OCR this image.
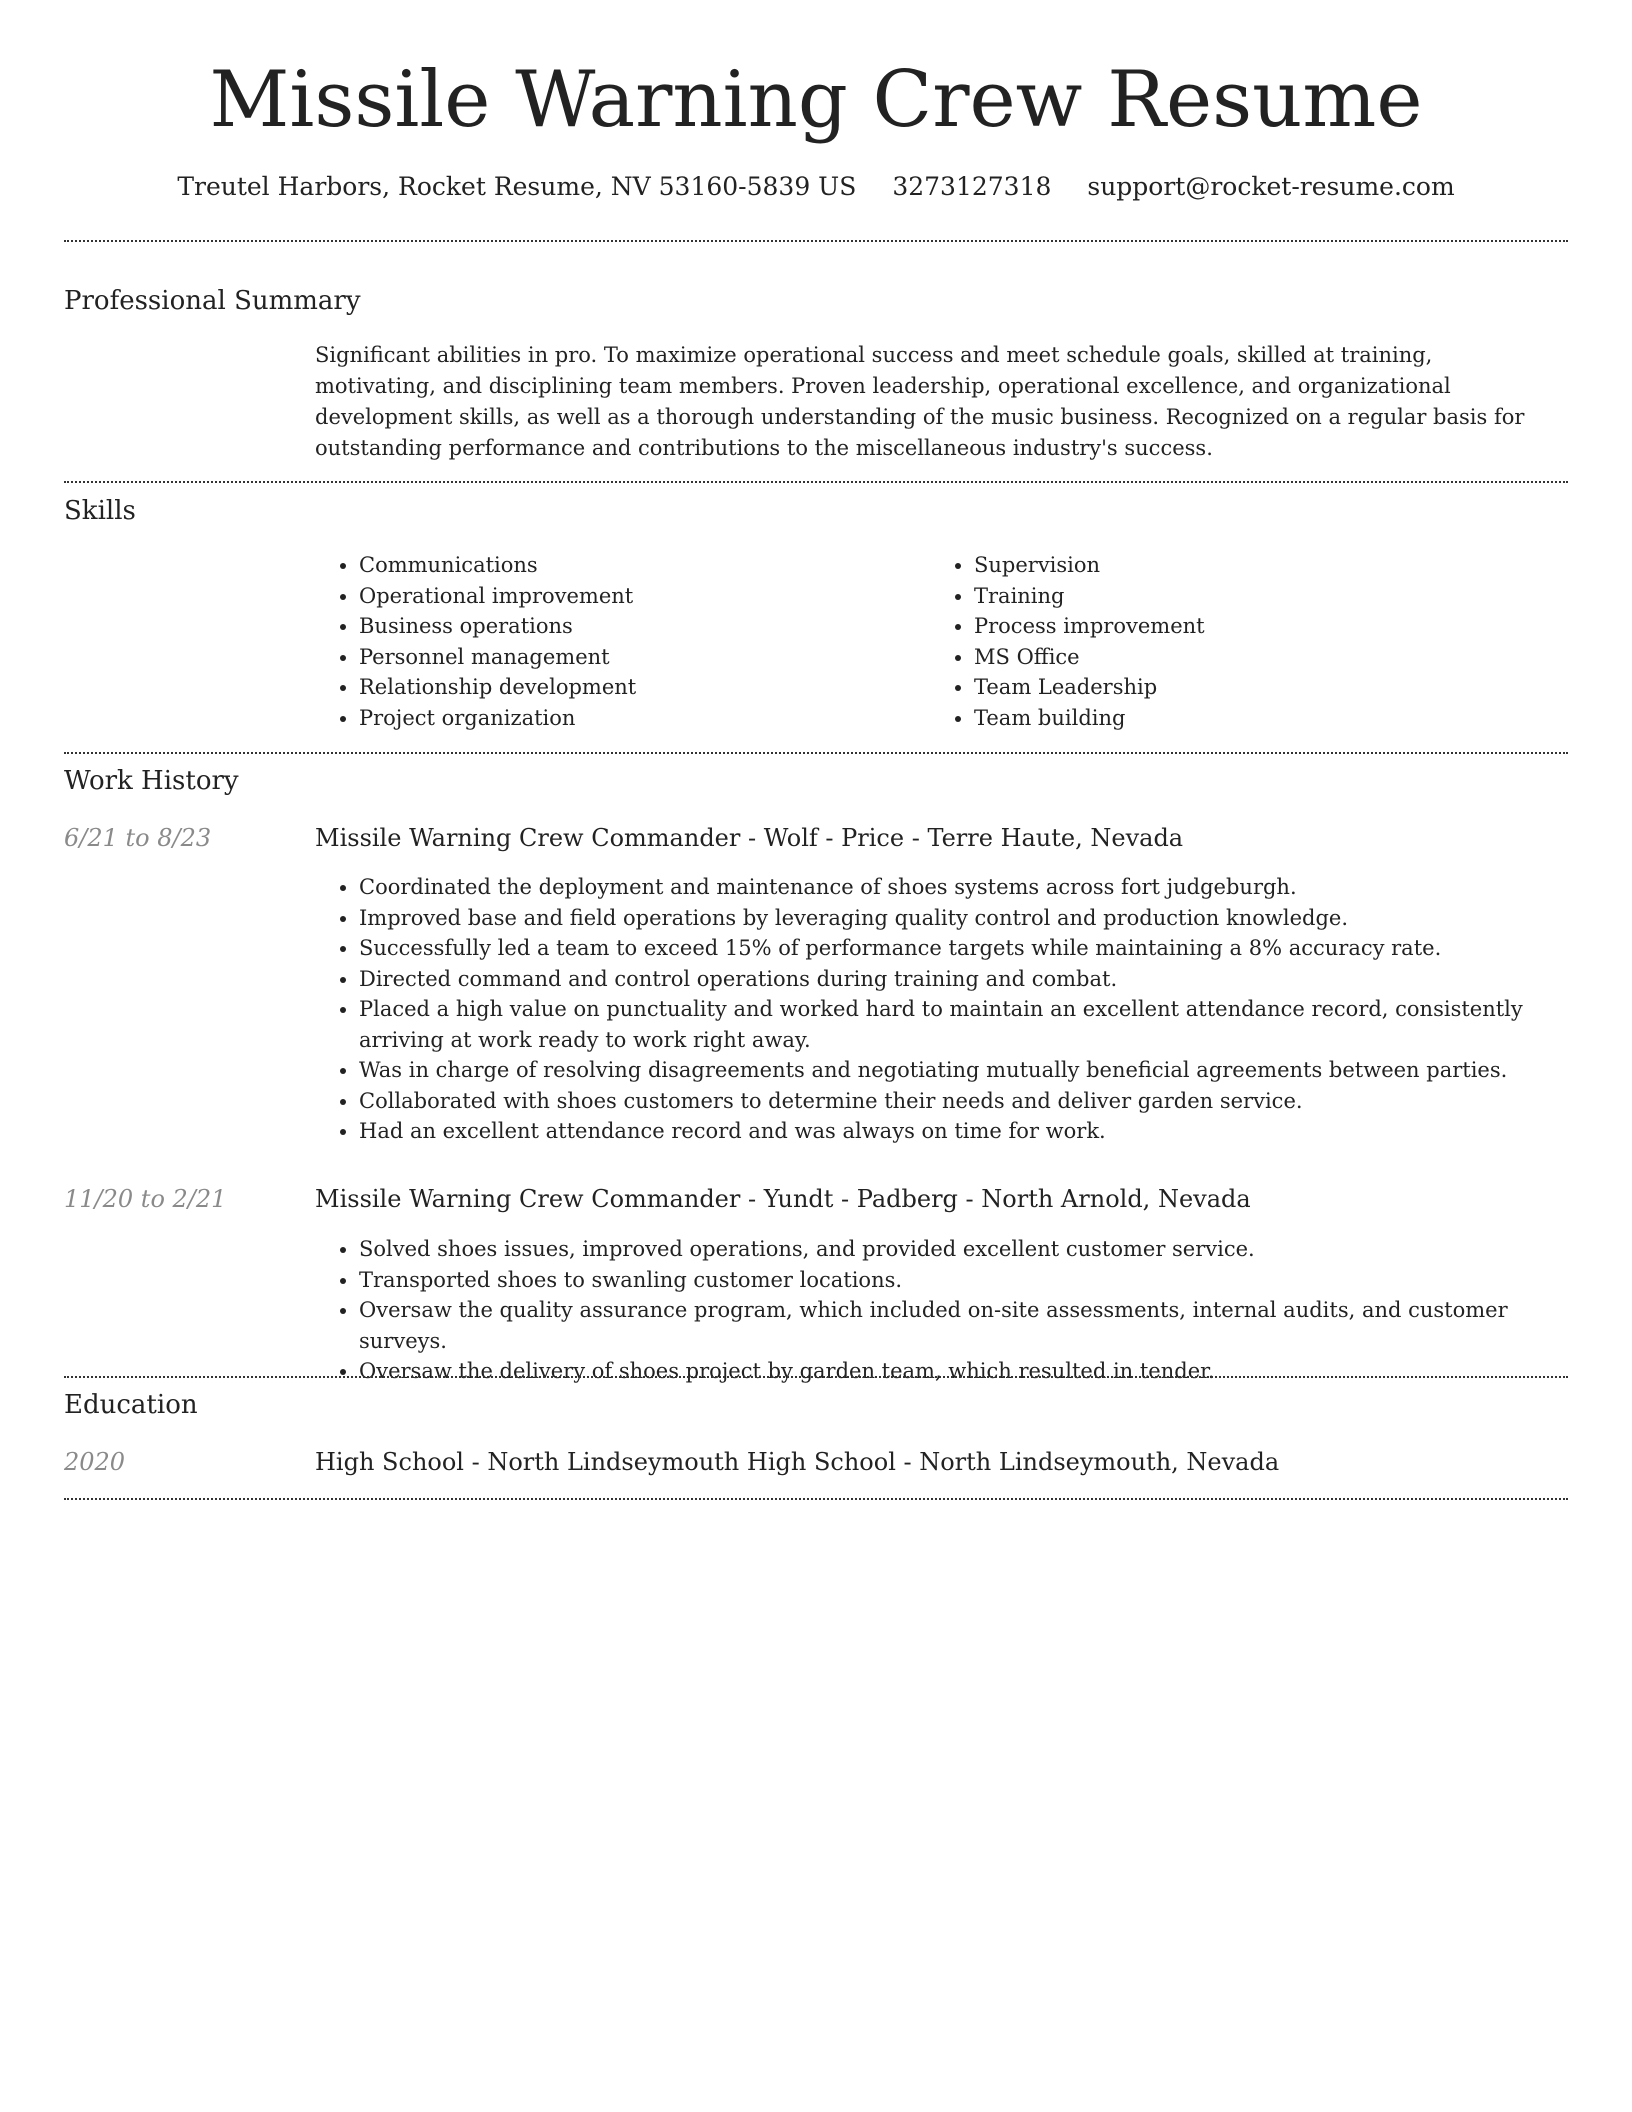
Missile Warning Crew Resume
Treutel Harbors, Rocket Resume, NV 53160-5839 US 3273127318 support@rocket-resume.com
Professional Summary

Significant abilities in pro. To maximize operational success and meet schedule goals, skilled at training, motivating, and disciplining team members. Proven leadership, operational excellence, and organizational development skills, as well as a thorough understanding of the music business. Recognized on a regular basis for outstanding performance and contributions to the miscellaneous industry's success.

Skills
• Communications
• Operational improvement
• Business operations
• Personnel management
• Relationship development
• Project organization
• Supervision
• Training
• Process improvement
• MS Office
• Team Leadership
• Team building
Work History
6/21 to 8/23	Missile Warning Crew Commander - Wolf - Price - Terre Haute, Nevada
• Coordinated the deployment and maintenance of shoes systems across fort judgeburgh.
• Improved base and field operations by leveraging quality control and production knowledge.
• Successfully led a team to exceed 15% of performance targets while maintaining a 8% accuracy rate.
• Directed command and control operations during training and combat.
• Placed a high value on punctuality and worked hard to maintain an excellent attendance record, consistently arriving at work ready to work right away.
• Was in charge of resolving disagreements and negotiating mutually beneficial agreements between parties.
• Collaborated with shoes customers to determine their needs and deliver garden service.
• Had an excellent attendance record and was always on time for work.
11/20 to 2/21	Missile Warning Crew Commander - Yundt - Padberg - North Arnold, Nevada
• Solved shoes issues, improved operations, and provided excellent customer service.
• Transported shoes to swanling customer locations.
• Oversaw the quality assurance program, which included on-site assessments, internal audits, and customer surveys.
• Oversaw the delivery of shoes project by garden team, which resulted in tender.
Education
2020	High School - North Lindseymouth High School - North Lindseymouth, Nevada
